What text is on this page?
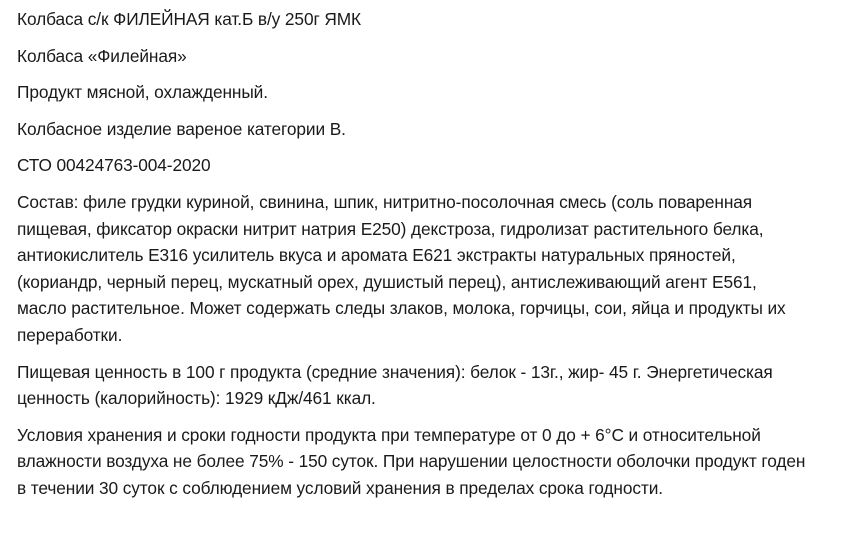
Колбаса с/к ФИЛЕЙНАЯ кат.Б в/у 250г ЯМК

Колбаса «Филейная»

Продукт мясной, охлажденный.

Колбасное изделие вареное категории В.

СТО 00424763-004-2020

Состав: филе грудки куриной, свинина, шпик, нитритно-посолочная смесь (соль поваренная
пищевая, фиксатор окраски нитрит натрия Е250) декстроза, гидролизат растительного белка,
антиокислитель Е316 усилитель вкуса и аромата Е621 экстракты натуральных пряностей,
(кориандр, черный перец, мускатный орех, душистый перец), антислеживающий агент Е561,
масло растительное. Может содержать следы злаков, молока, горчицы, сои, яйца и продукты их
переработки.

Пищевая ценность в 100 г продукта (средние значения): белок - 13г., жир- 45 г. Энергетическая
ценность (калорийность): 1929 кДж/461 ккал.

Условия хранения и сроки годности продукта при температуре от 0 до + 6°С и относительной
влажности воздуха не более 75% - 150 суток. При нарушении целостности оболочки продукт годен
в течении 30 суток с соблюдением условий хранения в пределах срока годности.
